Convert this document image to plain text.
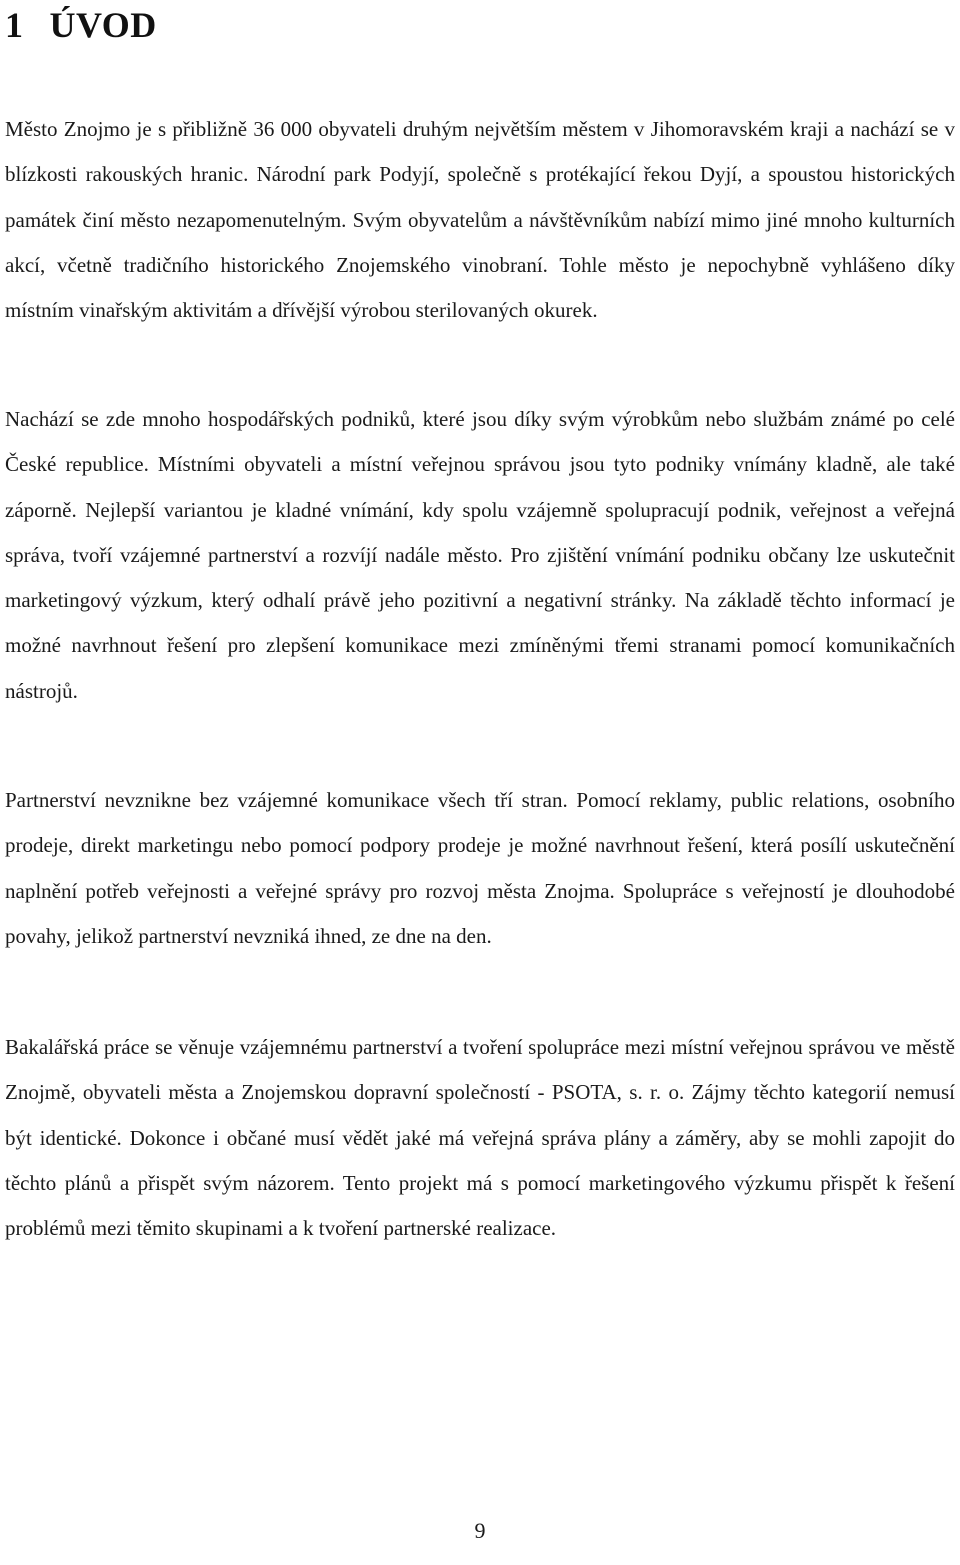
1 ÚVOD

Město Znojmo je s přibližně 36 000 obyvateli druhým největším městem v Jihomoravském kraji a nachází se v blízkosti rakouských hranic. Národní park Podyjí, společně s protékající řekou Dyjí, a spoustou historických památek činí město nezapomenutelným. Svým obyvatelům a návštěvníkům nabízí mimo jiné mnoho kulturních akcí, včetně tradičního historického Znojemského vinobraní. Tohle město je nepochybně vyhlášeno díky místním vinařským aktivitám a dřívější výrobou sterilovaných okurek.

Nachází se zde mnoho hospodářských podniků, které jsou díky svým výrobkům nebo službám známé po celé České republice. Místními obyvateli a místní veřejnou správou jsou tyto podniky vnímány kladně, ale také záporně. Nejlepší variantou je kladné vnímání, kdy spolu vzájemně spolupracují podnik, veřejnost a veřejná správa, tvoří vzájemné partnerství a rozvíjí nadále město. Pro zjištění vnímání podniku občany lze uskutečnit marketingový výzkum, který odhalí právě jeho pozitivní a negativní stránky. Na základě těchto informací je možné navrhnout řešení pro zlepšení komunikace mezi zmíněnými třemi stranami pomocí komunikačních nástrojů.

Partnerství nevznikne bez vzájemné komunikace všech tří stran. Pomocí reklamy, public relations, osobního prodeje, direkt marketingu nebo pomocí podpory prodeje je možné navrhnout řešení, která posílí uskutečnění naplnění potřeb veřejnosti a veřejné správy pro rozvoj města Znojma. Spolupráce s veřejností je dlouhodobé povahy, jelikož partnerství nevzniká ihned, ze dne na den.

Bakalářská práce se věnuje vzájemnému partnerství a tvoření spolupráce mezi místní veřejnou správou ve městě Znojmě, obyvateli města a Znojemskou dopravní společností - PSOTA, s. r. o. Zájmy těchto kategorií nemusí být identické. Dokonce i občané musí vědět jaké má veřejná správa plány a záměry, aby se mohli zapojit do těchto plánů a přispět svým názorem. Tento projekt má s pomocí marketingového výzkumu přispět k řešení problémů mezi těmito skupinami a k tvoření partnerské realizace.

9
